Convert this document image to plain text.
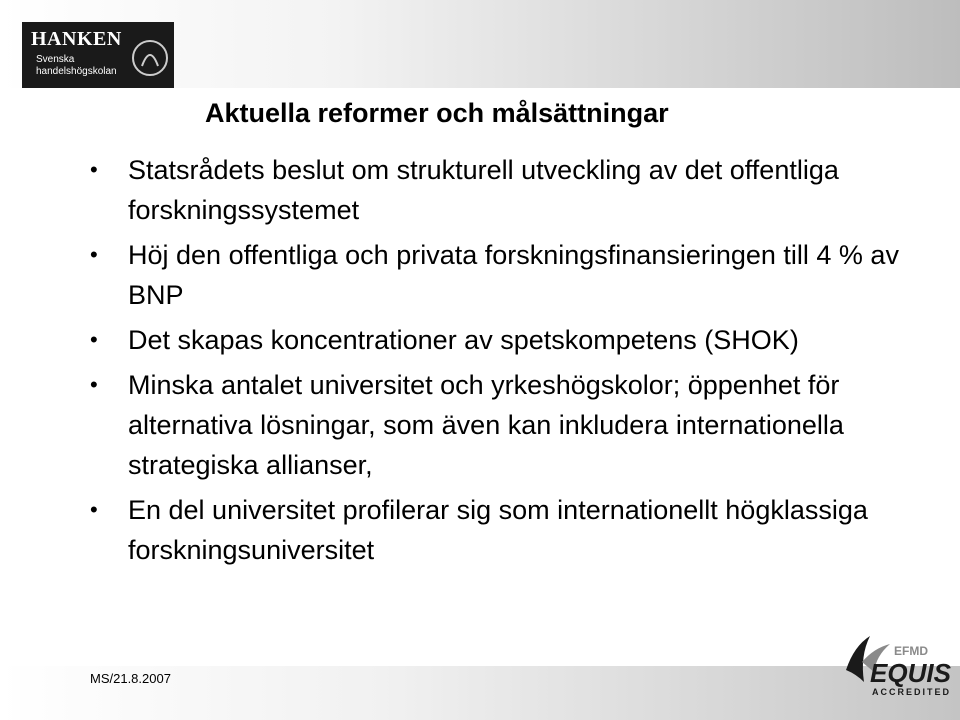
HANKEN
Svenska
handelshögskolan
Aktuella reformer och målsättningar
• Statsrådets beslut om strukturell utveckling av det offentliga forskningssystemet
• Höj den offentliga och privata forskningsfinansieringen till 4 % av BNP
• Det skapas koncentrationer av spetskompetens (SHOK)
• Minska antalet universitet och yrkeshögskolor; öppenhet för alternativa lösningar, som även kan inkludera internationella strategiska allianser,
• En del universitet profilerar sig som internationellt högklassiga forskningsuniversitet
MS/21.8.2007
EFMD
EQUIS
ACCREDITED
